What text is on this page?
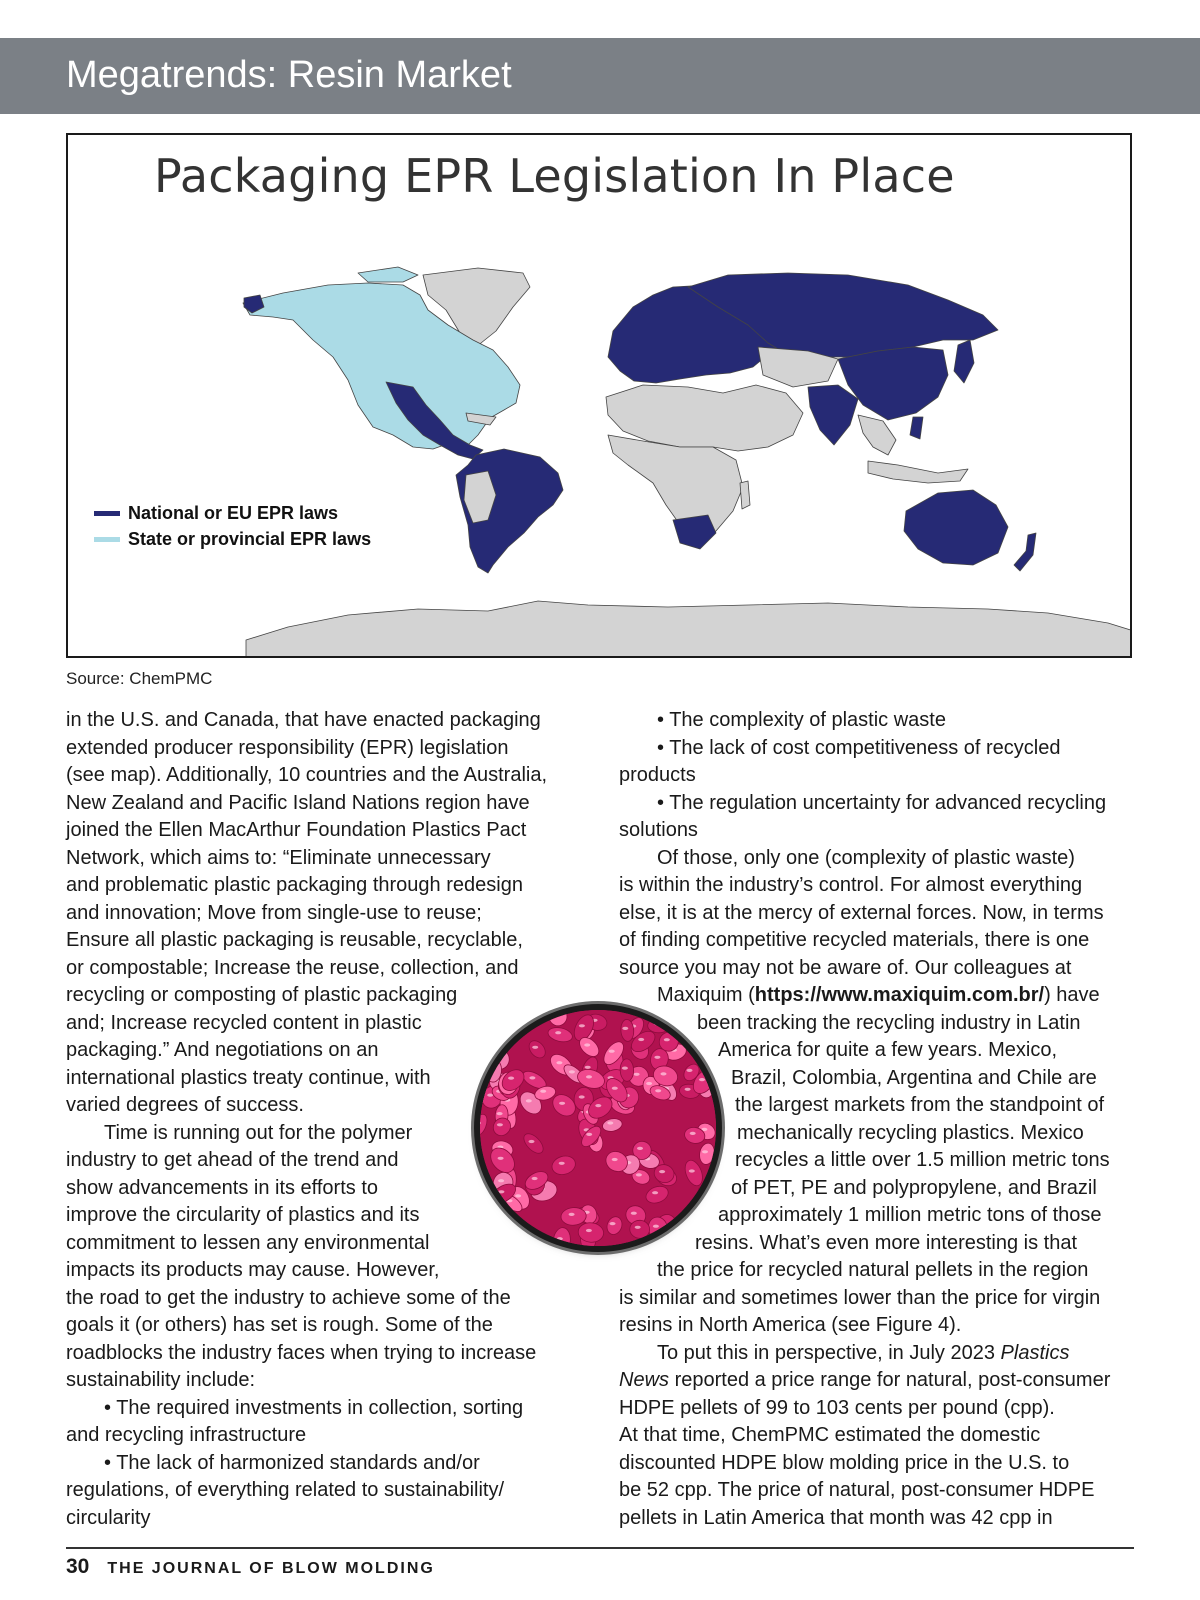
Megatrends: Resin Market
Packaging EPR Legislation In Place
National or EU EPR laws
State or provincial EPR laws
Source: ChemPMC

in the U.S. and Canada, that have enacted packaging
extended producer responsibility (EPR) legislation
(see map). Additionally, 10 countries and the Australia,
New Zealand and Pacific Island Nations region have
joined the Ellen MacArthur Foundation Plastics Pact
Network, which aims to: “Eliminate unnecessary
and problematic plastic packaging through redesign
and innovation; Move from single-use to reuse;
Ensure all plastic packaging is reusable, recyclable,
or compostable; Increase the reuse, collection, and
recycling or composting of plastic packaging
and; Increase recycled content in plastic
packaging.” And negotiations on an
international plastics treaty continue, with
varied degrees of success.

Time is running out for the polymer
industry to get ahead of the trend and
show advancements in its efforts to
improve the circularity of plastics and its
commitment to lessen any environmental
impacts its products may cause. However,
the road to get the industry to achieve some of the
goals it (or others) has set is rough. Some of the
roadblocks the industry faces when trying to increase
sustainability include:

• The required investments in collection, sorting
and recycling infrastructure

• The lack of harmonized standards and/or
regulations, of everything related to sustainability/
circularity

• The complexity of plastic waste

• The lack of cost competitiveness of recycled
products

• The regulation uncertainty for advanced recycling
solutions

Of those, only one (complexity of plastic waste)
is within the industry’s control. For almost everything
else, it is at the mercy of external forces. Now, in terms
of finding competitive recycled materials, there is one
source you may not be aware of. Our colleagues at
Maxiquim (https://www.maxiquim.com.br/) have
been tracking the recycling industry in Latin
America for quite a few years. Mexico,
Brazil, Colombia, Argentina and Chile are
the largest markets from the standpoint of
mechanically recycling plastics. Mexico
recycles a little over 1.5 million metric tons
of PET, PE and polypropylene, and Brazil
approximately 1 million metric tons of those
resins. What’s even more interesting is that
the price for recycled natural pellets in the region
is similar and sometimes lower than the price for virgin
resins in North America (see Figure 4).

To put this in perspective, in July 2023 Plastics
News reported a price range for natural, post-consumer
HDPE pellets of 99 to 103 cents per pound (cpp).
At that time, ChemPMC estimated the domestic
discounted HDPE blow molding price in the U.S. to
be 52 cpp. The price of natural, post-consumer HDPE
pellets in Latin America that month was 42 cpp in

30 THE JOURNAL OF BLOW MOLDING
